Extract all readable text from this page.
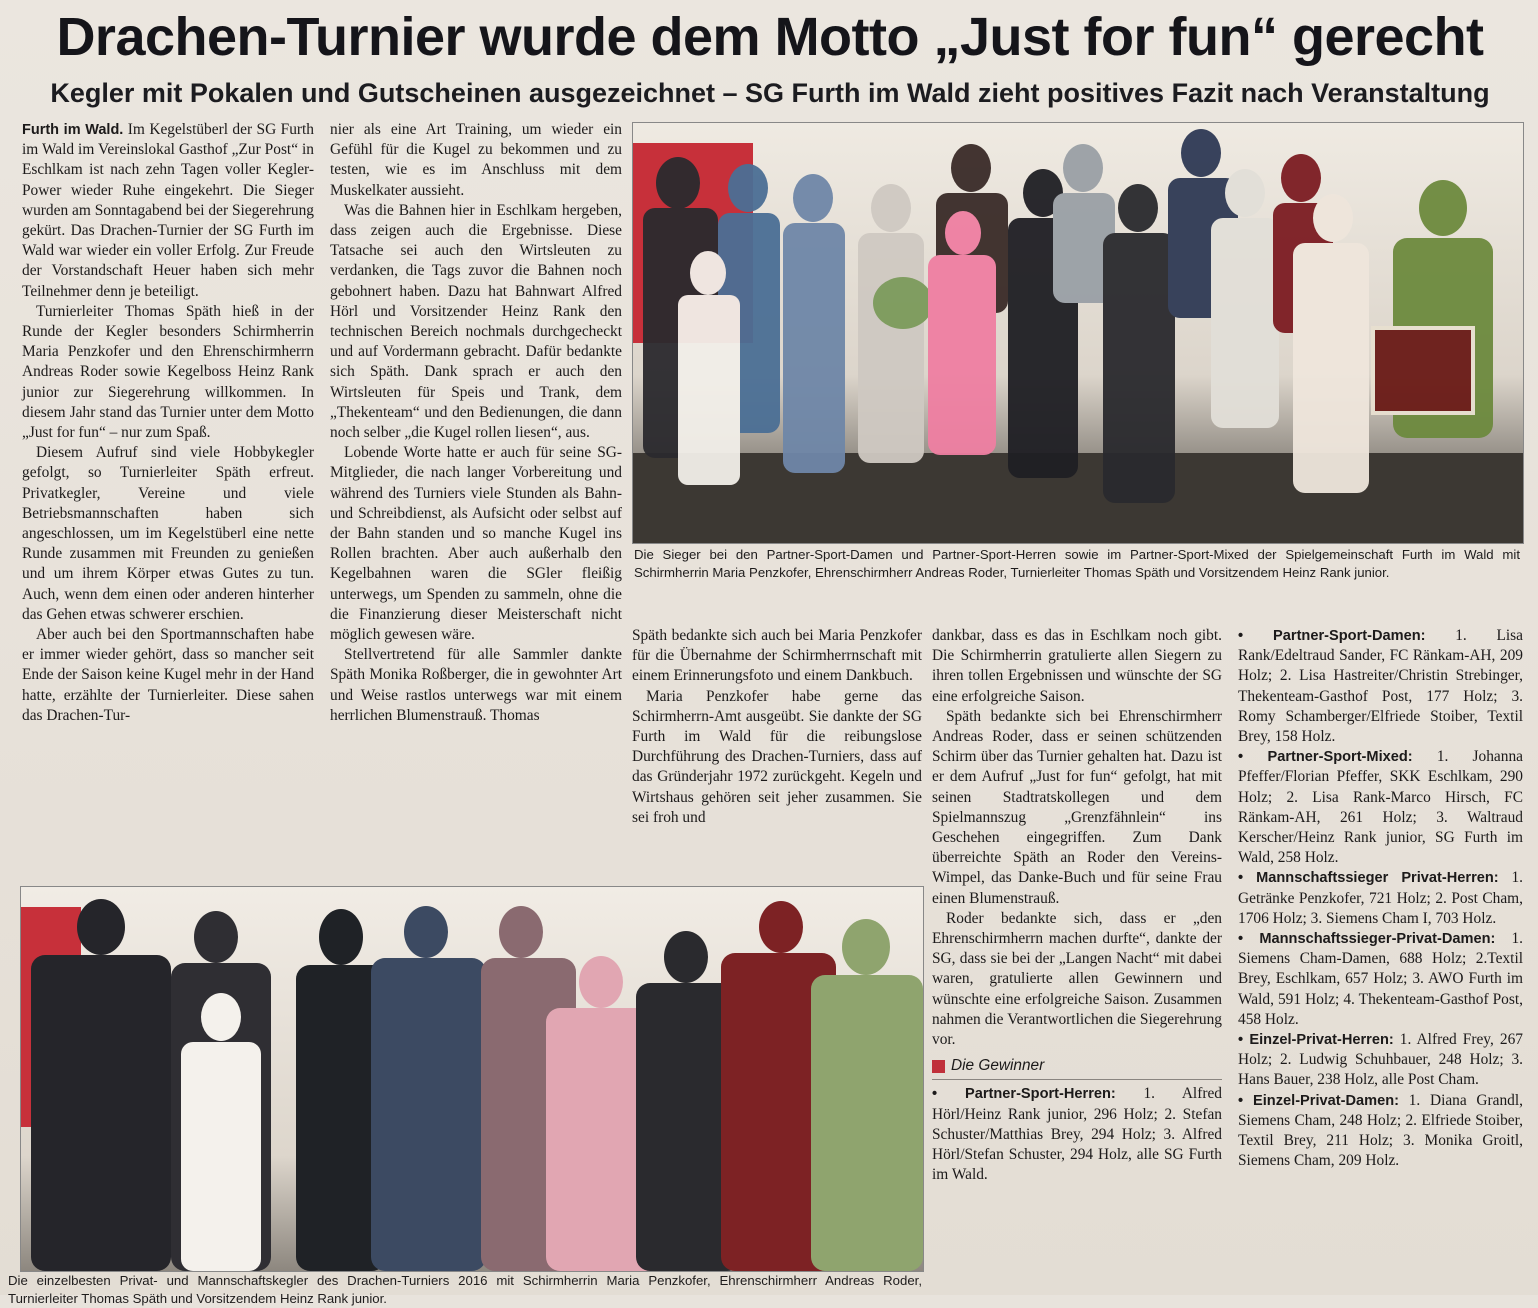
Drachen-Turnier wurde dem Motto „Just for fun“ gerecht
Kegler mit Pokalen und Gutscheinen ausgezeichnet – SG Furth im Wald zieht positives Fazit nach Veranstaltung

Furth im Wald. Im Kegelstüberl der SG Furth im Wald im Vereinslokal Gasthof „Zur Post“ in Eschlkam ist nach zehn Tagen voller Kegler-Power wieder Ruhe eingekehrt. Die Sieger wurden am Sonntagabend bei der Siegerehrung gekürt. Das Drachen-Turnier der SG Furth im Wald war wieder ein voller Erfolg. Zur Freude der Vorstandschaft Heuer haben sich mehr Teilnehmer denn je beteiligt.

Turnierleiter Thomas Späth hieß in der Runde der Kegler besonders Schirmherrin Maria Penzkofer und den Ehrenschirmherrn Andreas Roder sowie Kegelboss Heinz Rank junior zur Siegerehrung willkommen. In diesem Jahr stand das Turnier unter dem Motto „Just for fun“ – nur zum Spaß.

Diesem Aufruf sind viele Hobbykegler gefolgt, so Turnierleiter Späth erfreut. Privatkegler, Vereine und viele Betriebsmannschaften haben sich angeschlossen, um im Kegelstüberl eine nette Runde zusammen mit Freunden zu genießen und um ihrem Körper etwas Gutes zu tun. Auch, wenn dem einen oder anderen hinterher das Gehen etwas schwerer erschien.

Aber auch bei den Sportmannschaften habe er immer wieder gehört, dass so mancher seit Ende der Saison keine Kugel mehr in der Hand hatte, erzählte der Turnierleiter. Diese sahen das Drachen-Tur-

nier als eine Art Training, um wieder ein Gefühl für die Kugel zu bekommen und zu testen, wie es im Anschluss mit dem Muskelkater aussieht.

Was die Bahnen hier in Eschlkam hergeben, dass zeigen auch die Ergebnisse. Diese Tatsache sei auch den Wirtsleuten zu verdanken, die Tags zuvor die Bahnen noch gebohnert haben. Dazu hat Bahnwart Alfred Hörl und Vorsitzender Heinz Rank den technischen Bereich nochmals durchgecheckt und auf Vordermann gebracht. Dafür bedankte sich Späth. Dank sprach er auch den Wirtsleuten für Speis und Trank, dem „Thekenteam“ und den Bedienungen, die dann noch selber „die Kugel rollen liesen“, aus.

Lobende Worte hatte er auch für seine SG-Mitglieder, die nach langer Vorbereitung und während des Turniers viele Stunden als Bahn- und Schreibdienst, als Aufsicht oder selbst auf der Bahn standen und so manche Kugel ins Rollen brachten. Aber auch außerhalb den Kegelbahnen waren die SGler fleißig unterwegs, um Spenden zu sammeln, ohne die die Finanzierung dieser Meisterschaft nicht möglich gewesen wäre.

Stellvertretend für alle Sammler dankte Späth Monika Roßberger, die in gewohnter Art und Weise rastlos unterwegs war mit einem herrlichen Blumenstrauß. Thomas

Die Sieger bei den Partner-Sport-Damen und Partner-Sport-Herren sowie im Partner-Sport-Mixed der Spielgemeinschaft Furth im Wald mit Schirmherrin Maria Penzkofer, Ehrenschirmherr Andreas Roder, Turnierleiter Thomas Späth und Vorsitzendem Heinz Rank junior.

Späth bedankte sich auch bei Maria Penzkofer für die Übernahme der Schirmherrnschaft mit einem Erinnerungsfoto und einem Dankbuch.

Maria Penzkofer habe gerne das Schirmherrn-Amt ausgeübt. Sie dankte der SG Furth im Wald für die reibungslose Durchführung des Drachen-Turniers, dass auf das Gründerjahr 1972 zurückgeht. Kegeln und Wirtshaus gehören seit jeher zusammen. Sie sei froh und

dankbar, dass es das in Eschlkam noch gibt. Die Schirmherrin gratulierte allen Siegern zu ihren tollen Ergebnissen und wünschte der SG eine erfolgreiche Saison.

Späth bedankte sich bei Ehrenschirmherr Andreas Roder, dass er seinen schützenden Schirm über das Turnier gehalten hat. Dazu ist er dem Aufruf „Just for fun“ gefolgt, hat mit seinen Stadtratskollegen und dem Spielmannszug „Grenzfähnlein“ ins Geschehen eingegriffen. Zum Dank überreichte Späth an Roder den Vereins-Wimpel, das Danke-Buch und für seine Frau einen Blumenstrauß.

Roder bedankte sich, dass er „den Ehrenschirmherrn machen durfte“, dankte der SG, dass sie bei der „Langen Nacht“ mit dabei waren, gratulierte allen Gewinnern und wünschte eine erfolgreiche Saison. Zusammen nahmen die Verantwortlichen die Siegerehrung vor.

Die Gewinner

• Partner-Sport-Herren: 1. Alfred Hörl/Heinz Rank junior, 296 Holz; 2. Stefan Schuster/Matthias Brey, 294 Holz; 3. Alfred Hörl/Stefan Schuster, 294 Holz, alle SG Furth im Wald.

• Partner-Sport-Damen: 1. Lisa Rank/Edeltraud Sander, FC Ränkam-AH, 209 Holz; 2. Lisa Hastreiter/Christin Strebinger, Thekenteam-Gasthof Post, 177 Holz; 3. Romy Schamberger/Elfriede Stoiber, Textil Brey, 158 Holz.

• Partner-Sport-Mixed: 1. Johanna Pfeffer/Florian Pfeffer, SKK Eschlkam, 290 Holz; 2. Lisa Rank-Marco Hirsch, FC Ränkam-AH, 261 Holz; 3. Waltraud Kerscher/Heinz Rank junior, SG Furth im Wald, 258 Holz.

• Mannschaftssieger Privat-Herren: 1. Getränke Penzkofer, 721 Holz; 2. Post Cham, 1706 Holz; 3. Siemens Cham I, 703 Holz.

• Mannschaftssieger-Privat-Damen: 1. Siemens Cham-Damen, 688 Holz; 2.Textil Brey, Eschlkam, 657 Holz; 3. AWO Furth im Wald, 591 Holz; 4. Thekenteam-Gasthof Post, 458 Holz.

• Einzel-Privat-Herren: 1. Alfred Frey, 267 Holz; 2. Ludwig Schuhbauer, 248 Holz; 3. Hans Bauer, 238 Holz, alle Post Cham.

• Einzel-Privat-Damen: 1. Diana Grandl, Siemens Cham, 248 Holz; 2. Elfriede Stoiber, Textil Brey, 211 Holz; 3. Monika Groitl, Siemens Cham, 209 Holz.

Die einzelbesten Privat- und Mannschaftskegler des Drachen-Turniers 2016 mit Schirmherrin Maria Penzkofer, Ehrenschirmherr Andreas Roder, Turnierleiter Thomas Späth und Vorsitzendem Heinz Rank junior.
